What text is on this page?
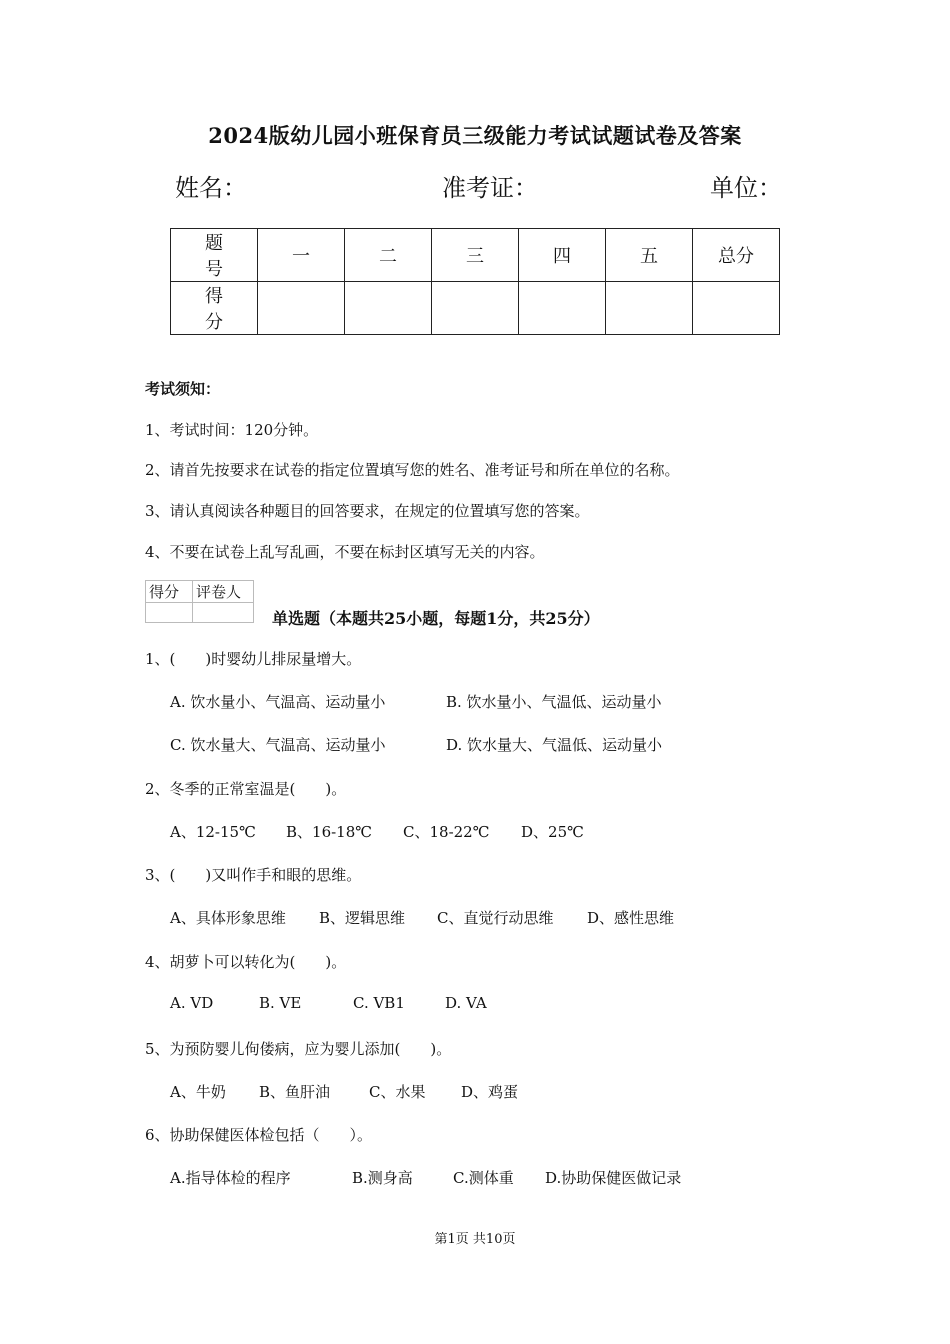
2024版幼儿园小班保育员三级能力考试试题试卷及答案
姓名：	准考证：	单位：
题　号	一	二	三	四	五	总分
得　分						
考试须知：
1、考试时间：120分钟。
2、请首先按要求在试卷的指定位置填写您的姓名、准考证号和所在单位的名称。
3、请认真阅读各种题目的回答要求，在规定的位置填写您的答案。
4、不要在试卷上乱写乱画，不要在标封区填写无关的内容。
得分	评卷人

单选题（本题共25小题，每题1分，共25分）
1、(　　)时婴幼儿排尿量增大。
A. 饮水量小、气温高、运动量小	B. 饮水量小、气温低、运动量小
C. 饮水量大、气温高、运动量小	D. 饮水量大、气温低、运动量小
2、冬季的正常室温是(　　)。
A、12-15℃ B、16-18℃ C、18-22℃ D、25℃
3、(　　)又叫作手和眼的思维。
A、具体形象思维 B、逻辑思维 C、直觉行动思维 D、感性思维
4、胡萝卜可以转化为(　　)。
A. VD	B. VE	C. VB1	D. VA
5、为预防婴儿佝偻病，应为婴儿添加(　　)。
A、牛奶 B、鱼肝油	C、水果 D、鸡蛋
6、协助保健医体检包括（　　）。
A.指导体检的程序	B.测身高	C.测体重 D.协助保健医做记录
第1页 共10页
